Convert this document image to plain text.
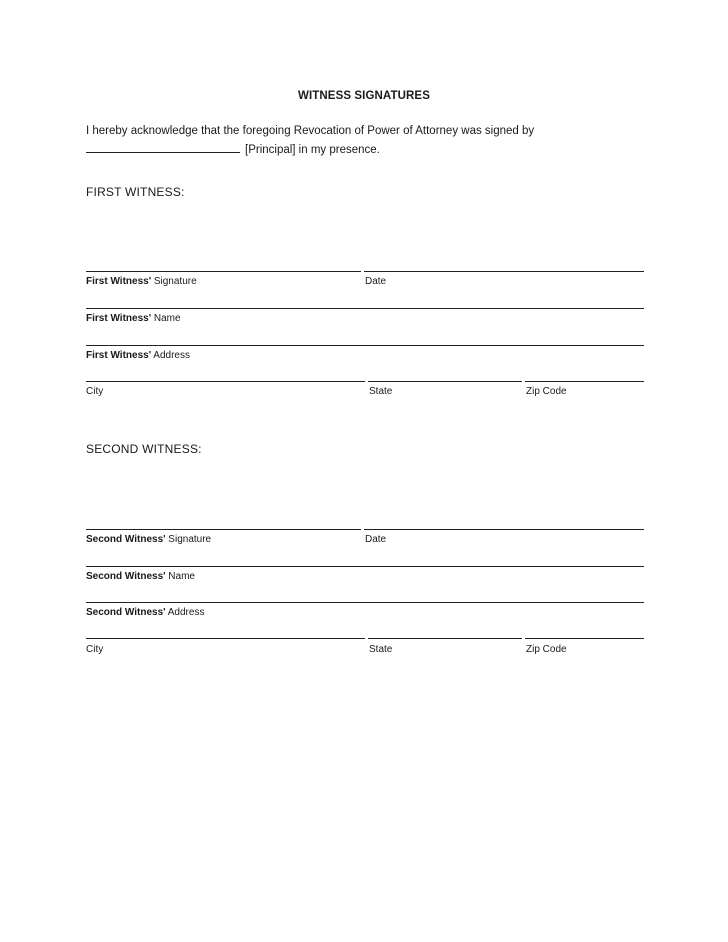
WITNESS SIGNATURES
I hereby acknowledge that the foregoing Revocation of Power of Attorney was signed by
[Principal] in my presence.
FIRST WITNESS:
First Witness' Signature	Date
First Witness' Name
First Witness' Address
City	State	Zip Code
SECOND WITNESS:
Second Witness' Signature	Date
Second Witness' Name
Second Witness' Address
City	State	Zip Code
